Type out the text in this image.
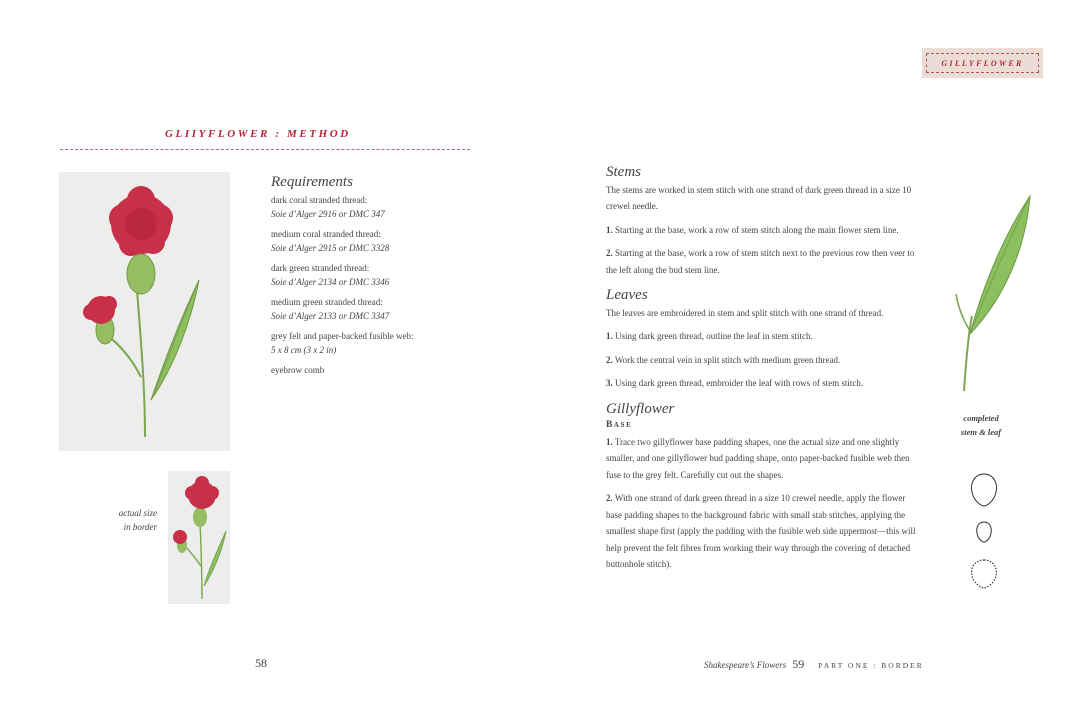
GILLYFLOWER
GLIIYFLOWER : METHOD
actual size
in border
Requirements
dark coral stranded thread:
Soie d’Alger 2916 or DMC 347
medium coral stranded thread:
Soie d’Alger 2915 or DMC 3328
dark green stranded thread:
Soie d’Alger 2134 or DMC 3346
medium green stranded thread:
Soie d’Alger 2133 or DMC 3347
grey felt and paper-backed fusible web:
5 x 8 cm (3 x 2 in)
eyebrow comb
Stems

The stems are worked in stem stitch with one strand of dark green thread in a size 10 crewel needle.

1. Starting at the base, work a row of stem stitch along the main flower stem line.

2. Starting at the base, work a row of stem stitch next to the previous row then veer to the left along the bud stem line.

Leaves

The leaves are embroidered in stem and split stitch with one strand of thread.

1. Using dark green thread, outline the leaf in stem stitch.

2. Work the central vein in split stitch with medium green thread.

3. Using dark green thread, embroider the leaf with rows of stem stitch.

Gillyflower
Base

1. Trace two gillyflower base padding shapes, one the actual size and one slightly smaller, and one gillyflower bud padding shape, onto paper-backed fusible web then fuse to the grey felt. Carefully cut out the shapes.

2. With one strand of dark green thread in a size 10 crewel needle, apply the flower base padding shapes to the background fabric with small stab stitches, applying the smallest shape first (apply the padding with the fusible web side uppermost—this will help prevent the felt fibres from working their way through the covering of detached buttonhole stitch).

completed
stem & leaf
58	Shakespeare’s Flowers 59 PART ONE : BORDER
